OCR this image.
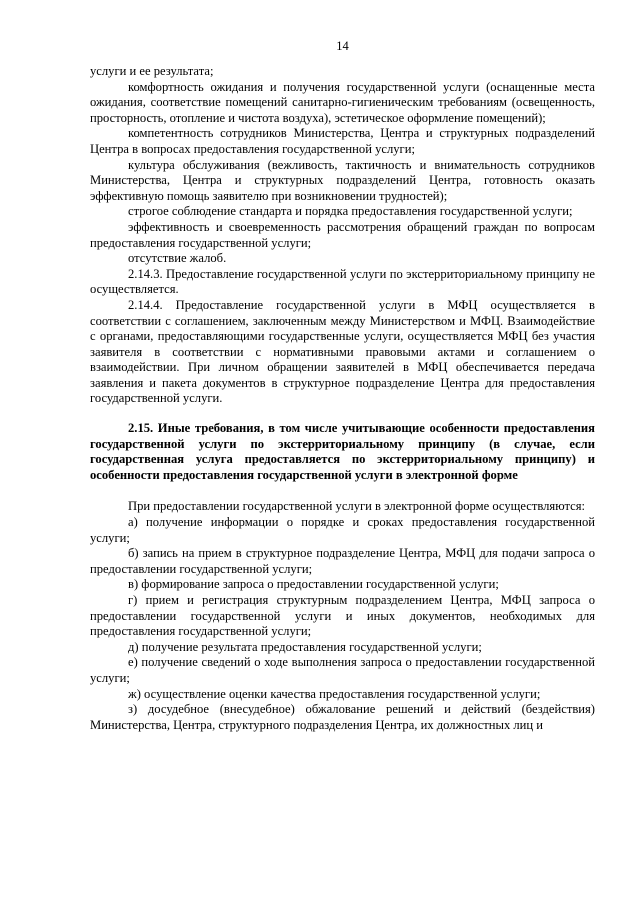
14

услуги и ее результата;

комфортность ожидания и получения государственной услуги (оснащенные места ожидания, соответствие помещений санитарно-гигиеническим требованиям (освещенность, просторность, отопление и чистота воздуха), эстетическое оформление помещений);

компетентность сотрудников Министерства, Центра и структурных подразделений Центра в вопросах предоставления государственной услуги;

культура обслуживания (вежливость, тактичность и внимательность сотрудников Министерства, Центра и структурных подразделений Центра, готовность оказать эффективную помощь заявителю при возникновении трудностей);

строгое соблюдение стандарта и порядка предоставления государственной услуги;

эффективность и своевременность рассмотрения обращений граждан по вопросам предоставления государственной услуги;

отсутствие жалоб.

2.14.3. Предоставление государственной услуги по экстерриториальному принципу не осуществляется.

2.14.4. Предоставление государственной услуги в МФЦ осуществляется в соответствии с соглашением, заключенным между Министерством и МФЦ. Взаимодействие с органами, предоставляющими государственные услуги, осуществляется МФЦ без участия заявителя в соответствии с нормативными правовыми актами и соглашением о взаимодействии. При личном обращении заявителей в МФЦ обеспечивается передача заявления и пакета документов в структурное подразделение Центра для предоставления государственной услуги.

2.15. Иные требования, в том числе учитывающие особенности предоставления государственной услуги по экстерриториальному принципу (в случае, если государственная услуга предоставляется по экстерриториальному принципу) и особенности предоставления государственной услуги в электронной форме

При предоставлении государственной услуги в электронной форме осуществляются:

а) получение информации о порядке и сроках предоставления государственной услуги;

б) запись на прием в структурное подразделение Центра, МФЦ для подачи запроса о предоставлении государственной услуги;

в) формирование запроса о предоставлении государственной услуги;

г) прием и регистрация структурным подразделением Центра, МФЦ запроса о предоставлении государственной услуги и иных документов, необходимых для предоставления государственной услуги;

д) получение результата предоставления государственной услуги;

е) получение сведений о ходе выполнения запроса о предоставлении государственной услуги;

ж) осуществление оценки качества предоставления государственной услуги;

з) досудебное (внесудебное) обжалование решений и действий (бездействия) Министерства, Центра, структурного подразделения Центра, их должностных лиц и
